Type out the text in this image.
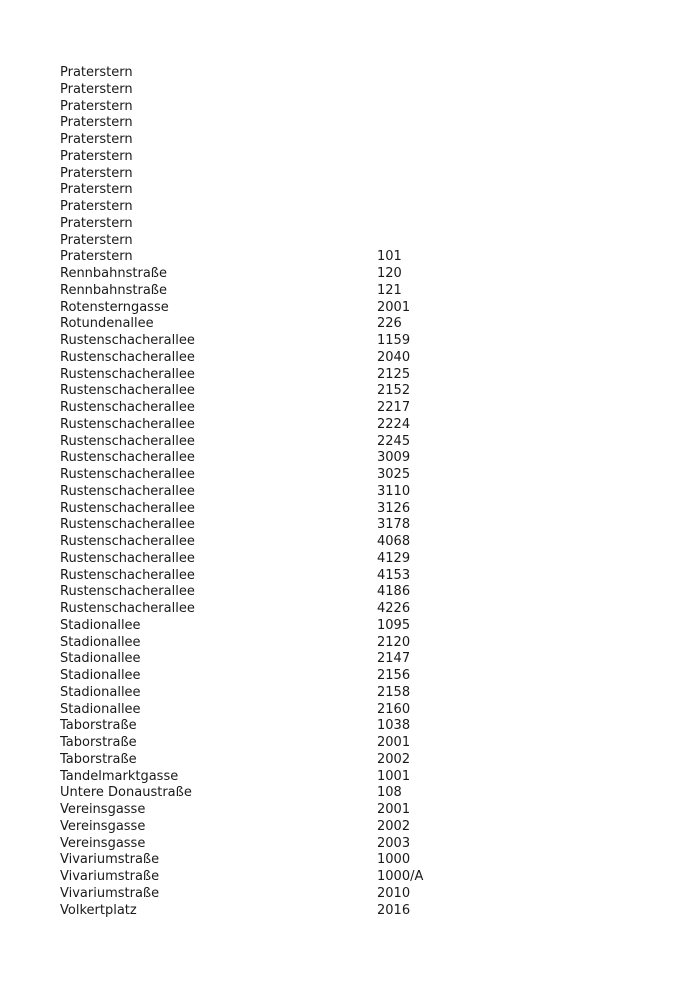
Praterstern
Praterstern
Praterstern
Praterstern
Praterstern
Praterstern
Praterstern
Praterstern
Praterstern
Praterstern
Praterstern
Praterstern	101
Rennbahnstraße	120
Rennbahnstraße	121
Rotensterngasse	2001
Rotundenallee	226
Rustenschacherallee	1159
Rustenschacherallee	2040
Rustenschacherallee	2125
Rustenschacherallee	2152
Rustenschacherallee	2217
Rustenschacherallee	2224
Rustenschacherallee	2245
Rustenschacherallee	3009
Rustenschacherallee	3025
Rustenschacherallee	3110
Rustenschacherallee	3126
Rustenschacherallee	3178
Rustenschacherallee	4068
Rustenschacherallee	4129
Rustenschacherallee	4153
Rustenschacherallee	4186
Rustenschacherallee	4226
Stadionallee	1095
Stadionallee	2120
Stadionallee	2147
Stadionallee	2156
Stadionallee	2158
Stadionallee	2160
Taborstraße	1038
Taborstraße	2001
Taborstraße	2002
Tandelmarktgasse	1001
Untere Donaustraße	108
Vereinsgasse	2001
Vereinsgasse	2002
Vereinsgasse	2003
Vivariumstraße	1000
Vivariumstraße	1000/A
Vivariumstraße	2010
Volkertplatz	2016
